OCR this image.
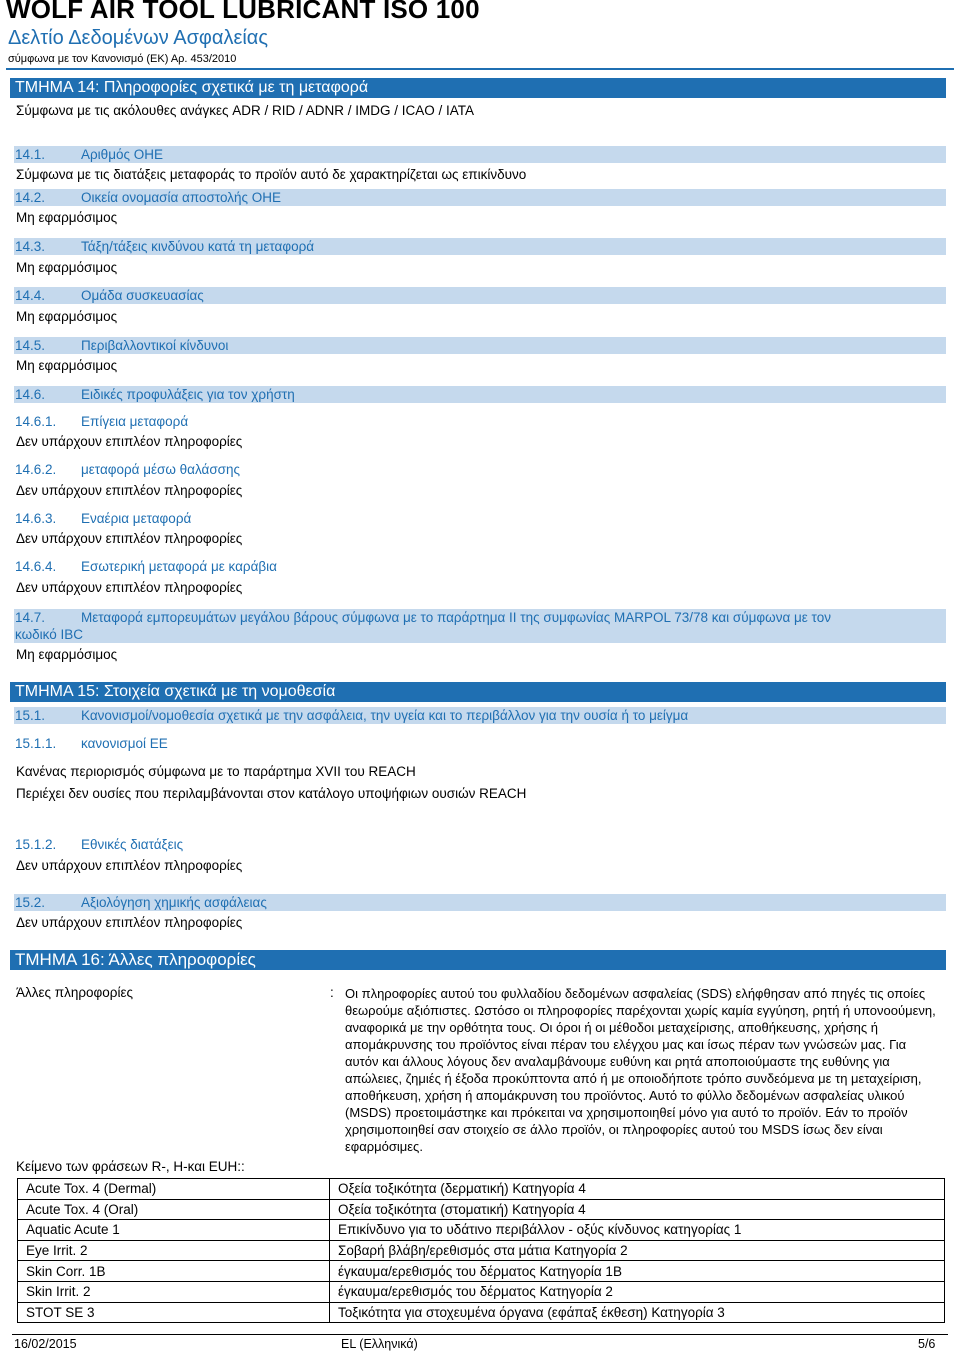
WOLF AIR TOOL LUBRICANT ISO 100
Δελτίο Δεδομένων Ασφαλείας
σύμφωνα με τον Κανονισμό (ΕΚ) Αρ. 453/2010
ΤΜΗΜΑ 14: Πληροφορίες σχετικά με τη μεταφορά
Σύμφωνα με τις ακόλουθες ανάγκες ADR / RID / ADNR / IMDG / ICAO / IATA
14.1.	Αριθμός ΟΗΕ
Σύμφωνα με τις διατάξεις μεταφοράς το προϊόν αυτό δε χαρακτηρίζεται ως επικίνδυνο
14.2.	Οικεία ονομασία αποστολής ΟΗΕ
Μη εφαρμόσιμος
14.3.	Τάξη/τάξεις κινδύνου κατά τη μεταφορά
Μη εφαρμόσιμος
14.4.	Ομάδα συσκευασίας
Μη εφαρμόσιμος
14.5.	Περιβαλλοντικοί κίνδυνοι
Μη εφαρμόσιμος
14.6.	Ειδικές προφυλάξεις για τον χρήστη
14.6.1. Επίγεια μεταφορά
Δεν υπάρχουν επιπλέον πληροφορίες
14.6.2. μεταφορά μέσω θαλάσσης
Δεν υπάρχουν επιπλέον πληροφορίες
14.6.3. Εναέρια μεταφορά
Δεν υπάρχουν επιπλέον πληροφορίες
14.6.4. Εσωτερική μεταφορά με καράβια
Δεν υπάρχουν επιπλέον πληροφορίες
14.7.	Μεταφορά εμπορευμάτων μεγάλου βάρους σύμφωνα με το παράρτημα II της συμφωνίας MARPOL 73/78 και σύμφωνα με τον
κωδικό IBC
Μη εφαρμόσιμος
ΤΜΗΜΑ 15: Στοιχεία σχετικά με τη νομοθεσία
15.1.	Κανονισμοί/νομοθεσία σχετικά με την ασφάλεια, την υγεία και το περιβάλλον για την ουσία ή το μείγμα
15.1.1. κανονισμοί ΕΕ
Κανένας περιορισμός σύμφωνα με το παράρτημα XVII του REACH
Περιέχει δεν ουσίες που περιλαμβάνονται στον κατάλογο υποψήφιων ουσιών REACH
15.1.2. Εθνικές διατάξεις
Δεν υπάρχουν επιπλέον πληροφορίες
15.2.	Αξιολόγηση χημικής ασφάλειας
Δεν υπάρχουν επιπλέον πληροφορίες
ΤΜΗΜΑ 16: Άλλες πληροφορίες
Άλλες πληροφορίες	: Οι πληροφορίες αυτού του φυλλαδίου δεδομένων ασφαλείας (SDS) ελήφθησαν από πηγές τις οποίες θεωρούμε αξιόπιστες. Ωστόσο οι πληροφορίες παρέχονται χωρίς καμία εγγύηση, ρητή ή υπονοούμενη, αναφορικά με την ορθότητα τους. Οι όροι ή οι μέθοδοι μεταχείρισης, αποθήκευσης, χρήσης ή απομάκρυνσης του προϊόντος είναι πέραν του ελέγχου μας και ίσως πέραν των γνώσεών μας. Για αυτόν και άλλους λόγους δεν αναλαμβάνουμε ευθύνη και ρητά αποποιούμαστε της ευθύνης για απώλειες, ζημιές ή έξοδα προκύπτοντα από ή με οποιοδήποτε τρόπο συνδεόμενα με τη μεταχείριση, αποθήκευση, χρήση ή απομάκρυνση του προϊόντος. Αυτό το φύλλο δεδομένων ασφαλείας υλικού (MSDS) προετοιμάστηκε και πρόκειται να χρησιμοποιηθεί μόνο για αυτό το προϊόν. Εάν το προϊόν χρησιμοποιηθεί σαν στοιχείο σε άλλο προϊόν, οι πληροφορίες αυτού του MSDS ίσως δεν είναι εφαρμόσιμες.
Κείμενο των φράσεων R-, H-και EUH::
Acute Tox. 4 (Dermal)	Οξεία τοξικότητα (δερματική) Κατηγορία 4
Acute Tox. 4 (Oral)	Οξεία τοξικότητα (στοματική) Κατηγορία 4
Aquatic Acute 1	Επικίνδυνο για το υδάτινο περιβάλλον - οξύς κίνδυνος κατηγορίας 1
Eye Irrit. 2	Σοβαρή βλάβη/ερεθισμός στα μάτια Κατηγορία 2
Skin Corr. 1B	έγκαυμα/ερεθισμός του δέρματος Κατηγορία 1B
Skin Irrit. 2	έγκαυμα/ερεθισμός του δέρματος Κατηγορία 2
STOT SE 3	Τοξικότητα για στοχευμένα όργανα (εφάπαξ έκθεση) Κατηγορία 3
16/02/2015	EL (Ελληνικά)	5/6
